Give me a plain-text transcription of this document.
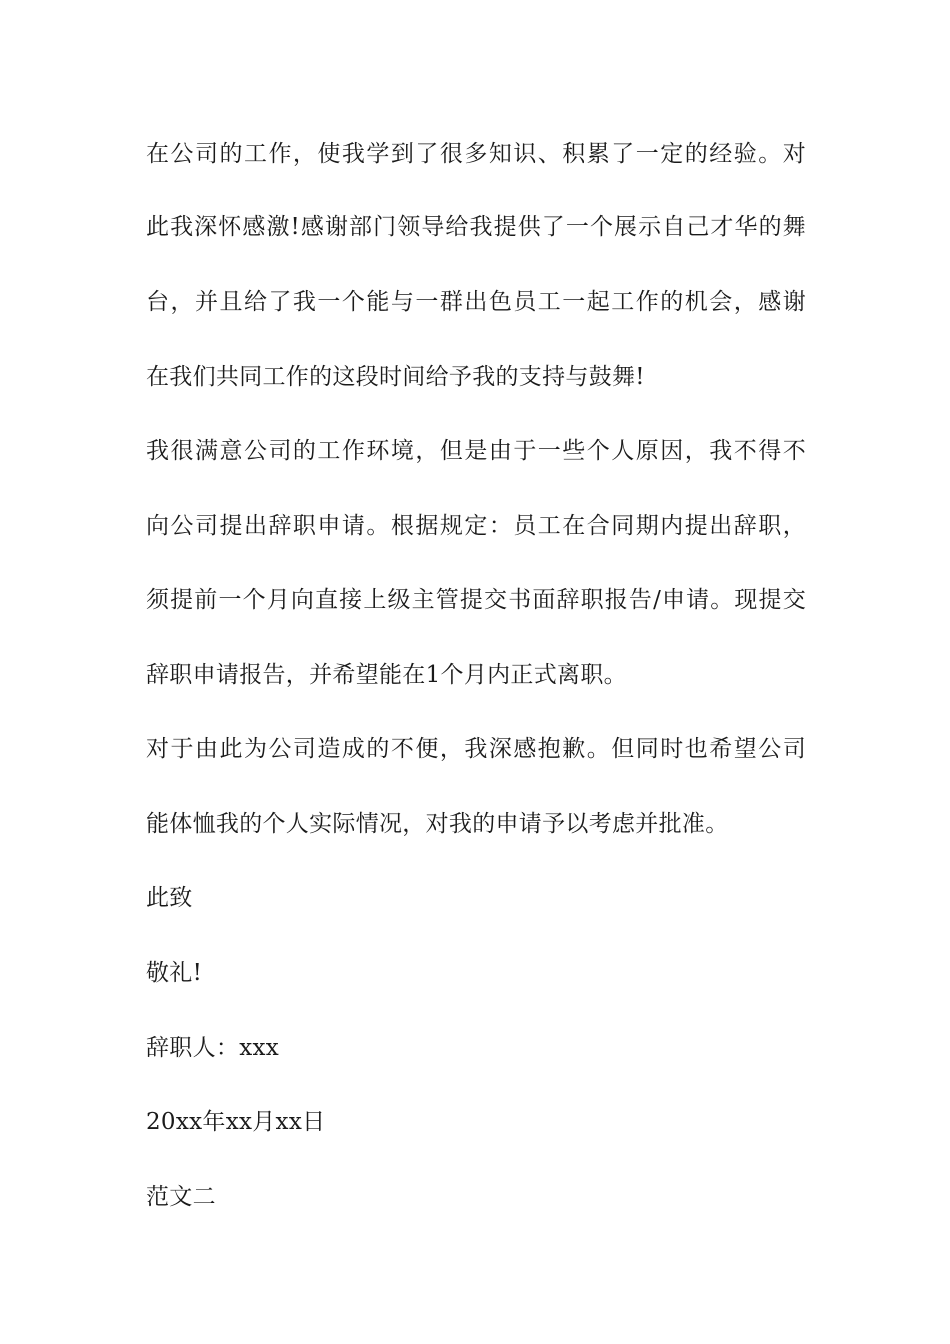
在公司的工作，使我学到了很多知识、积累了一定的经验。对
此我深怀感激!感谢部门领导给我提供了一个展示自己才华的舞
台，并且给了我一个能与一群出色员工一起工作的机会，感谢
在我们共同工作的这段时间给予我的支持与鼓舞!
我很满意公司的工作环境，但是由于一些个人原因，我不得不
向公司提出辞职申请。根据规定：员工在合同期内提出辞职，
须提前一个月向直接上级主管提交书面辞职报告/申请。现提交
辞职申请报告，并希望能在1个月内正式离职。
对于由此为公司造成的不便，我深感抱歉。但同时也希望公司
能体恤我的个人实际情况，对我的申请予以考虑并批准。
此致
敬礼!
辞职人：xxx
20xx年xx月xx日
范文二
